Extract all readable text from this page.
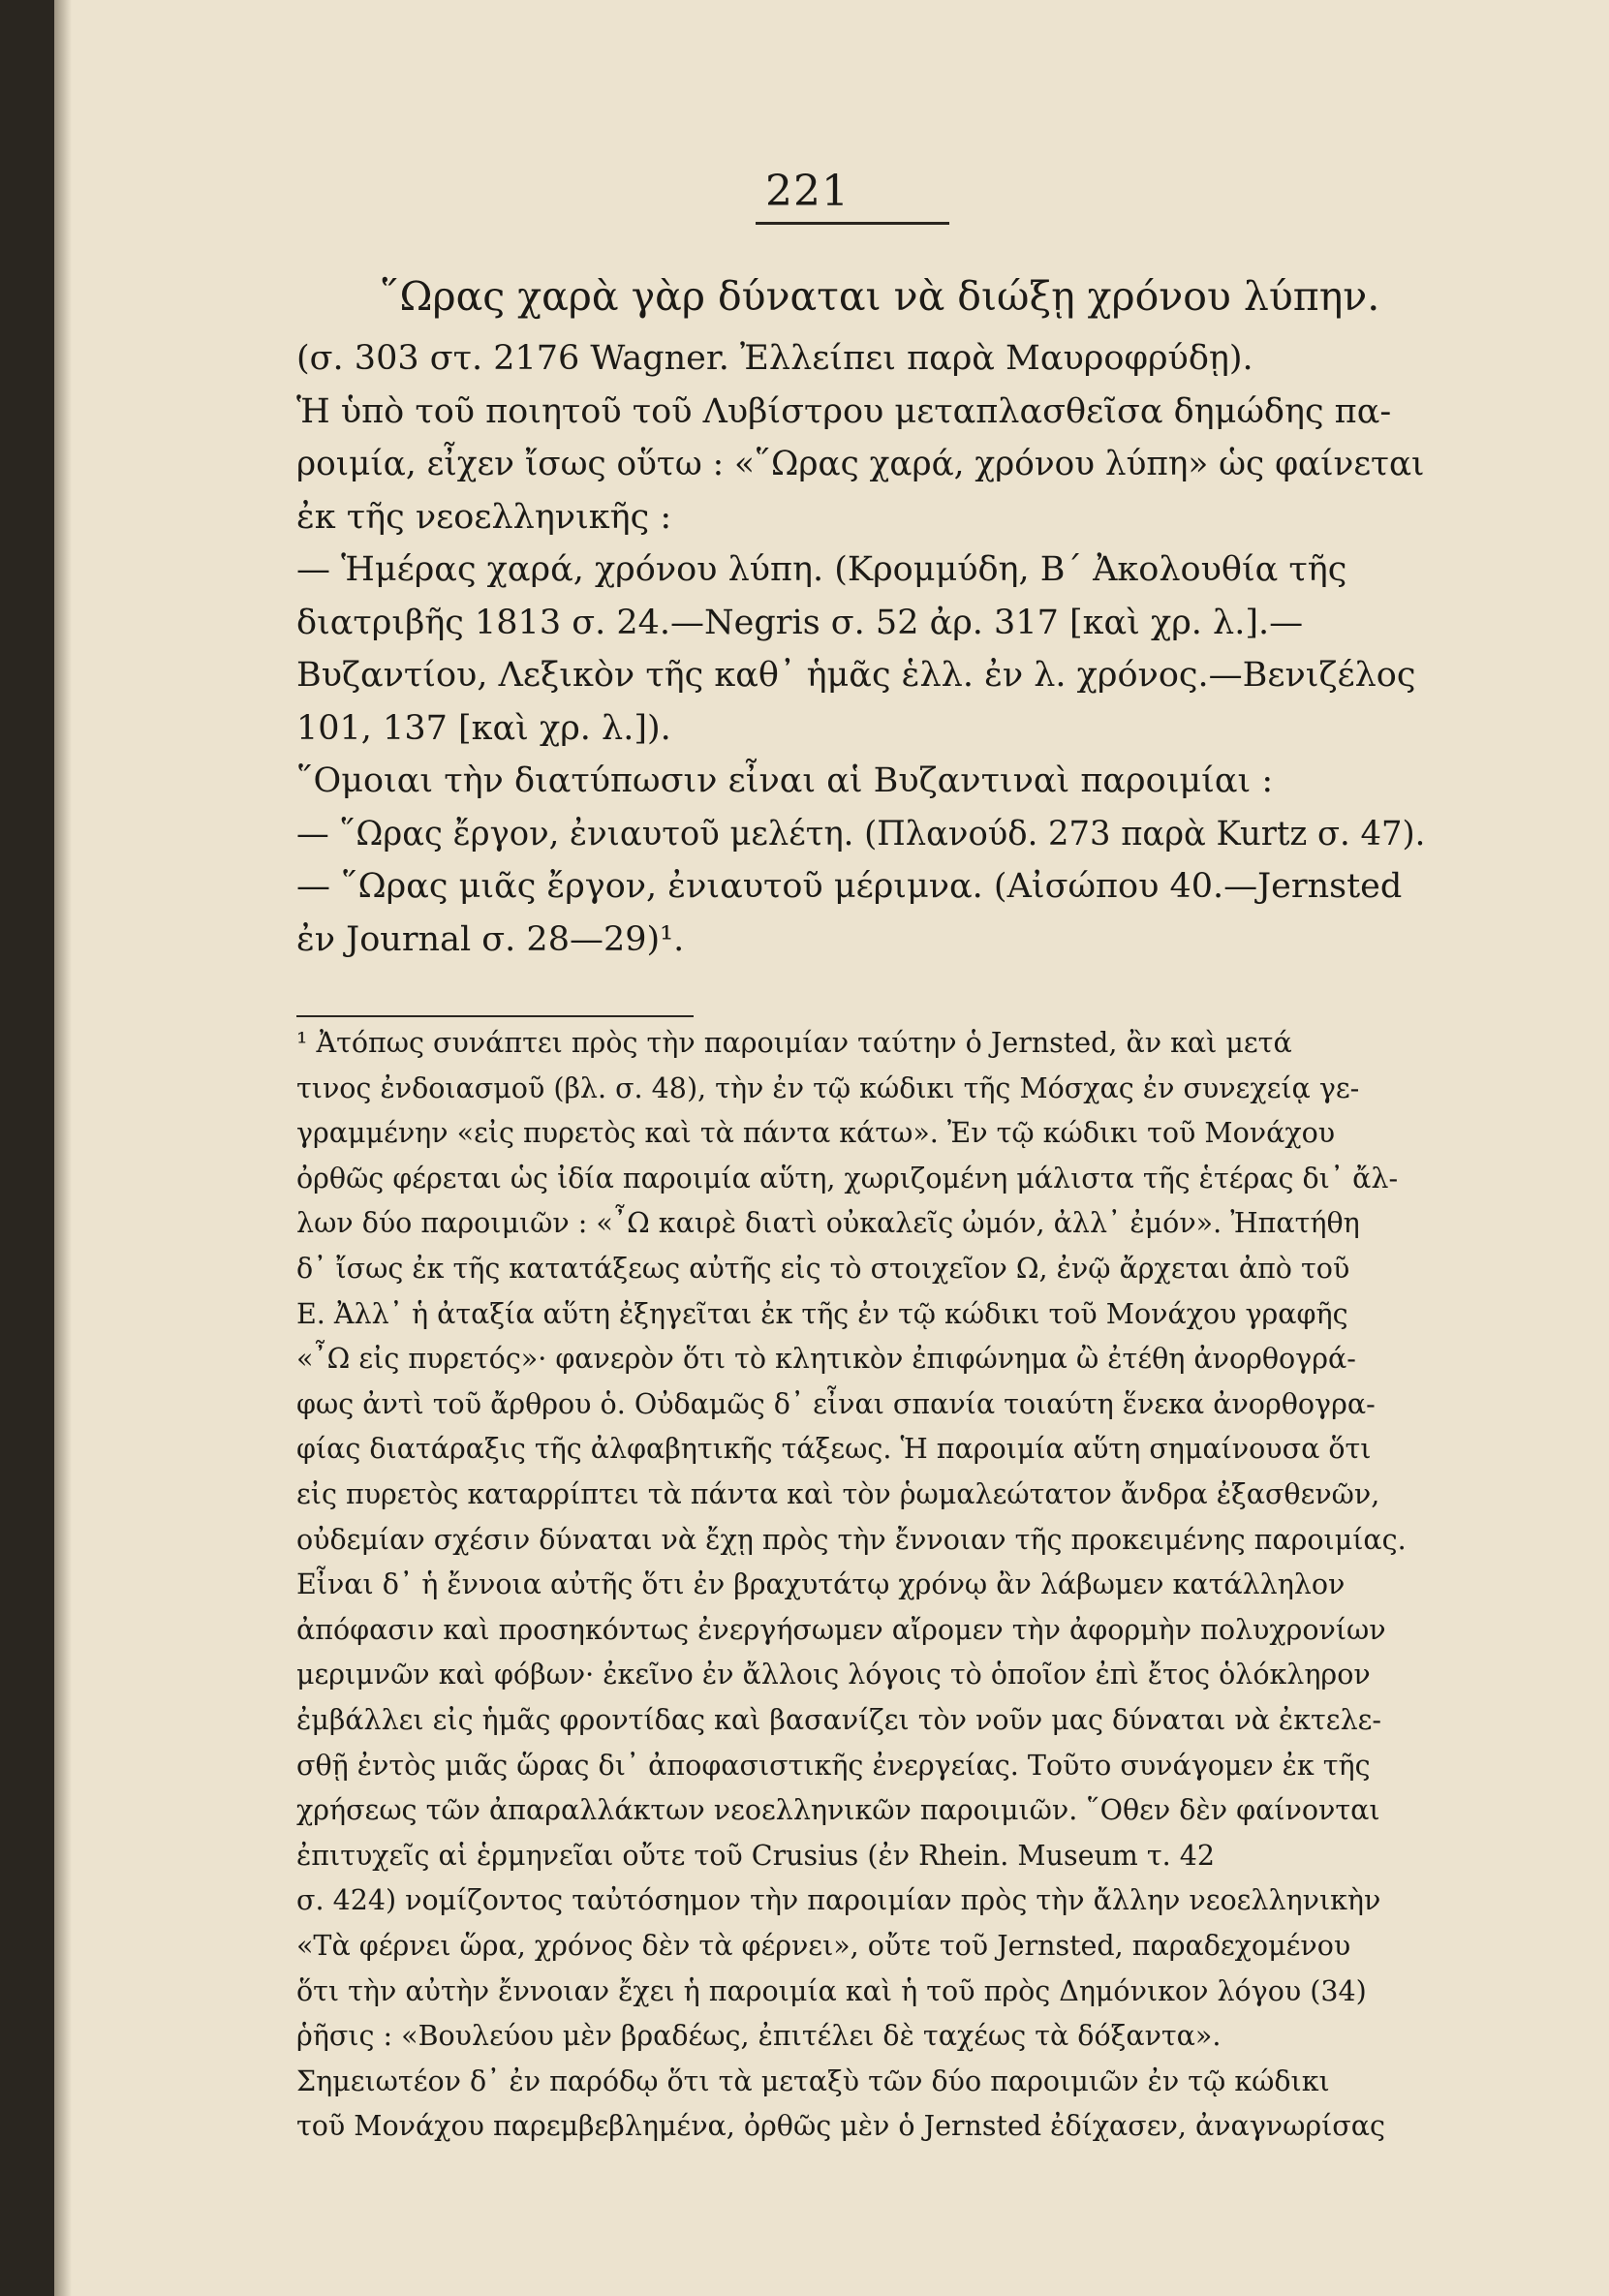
221
῞Ωρας χαρὰ γὰρ δύναται νὰ διώξῃ χρόνου λύπην.
(σ. 303 στ. 2176 Wagner. Ἐλλείπει παρὰ Μαυροφρύδῃ).
Ἡ ὑπὸ τοῦ ποιητοῦ τοῦ Λυβίστρου μεταπλασθεῖσα δημώδης πα-
ροιμία, εἶχεν ἴσως οὕτω : «῞Ωρας χαρά, χρόνου λύπη» ὡς φαίνεται
ἐκ τῆς νεοελληνικῆς :
— Ἡμέρας χαρά, χρόνου λύπη. (Κρομμύδη, Β΄ Ἀκολουθία τῆς
διατριβῆς 1813 σ. 24.—Negris σ. 52 ἀρ. 317 [καὶ χρ. λ.].—
Βυζαντίου, Λεξικὸν τῆς καθ᾽ ἡμᾶς ἑλλ. ἐν λ. χρόνος.—Βενιζέλος
101, 137 [καὶ χρ. λ.]).
῞Ομοιαι τὴν διατύπωσιν εἶναι αἱ Βυζαντιναὶ παροιμίαι :
— ῞Ωρας ἔργον, ἐνιαυτοῦ μελέτη. (Πλανούδ. 273 παρὰ Kurtz σ. 47).
— ῞Ωρας μιᾶς ἔργον, ἐνιαυτοῦ μέριμνα. (Αἰσώπου 40.—Jernsted
ἐν Journal σ. 28—29)¹.
¹ Ἀτόπως συνάπτει πρὸς τὴν παροιμίαν ταύτην ὁ Jernsted, ἂν καὶ μετά
τινος ἐνδοιασμοῦ (βλ. σ. 48), τὴν ἐν τῷ κώδικι τῆς Μόσχας ἐν συνεχείᾳ γε-
γραμμένην «εἰς πυρετὸς καὶ τὰ πάντα κάτω». Ἐν τῷ κώδικι τοῦ Μονάχου
ὀρθῶς φέρεται ὡς ἰδία παροιμία αὕτη, χωριζομένη μάλιστα τῆς ἑτέρας δι᾽ ἄλ-
λων δύο παροιμιῶν : «῏Ω καιρὲ διατὶ οὐκαλεῖς ὠμόν, ἀλλ᾽ ἐμόν». Ἠπατήθη
δ᾽ ἴσως ἐκ τῆς κατατάξεως αὐτῆς εἰς τὸ στοιχεῖον Ω, ἐνῷ ἄρχεται ἀπὸ τοῦ
Ε. Ἀλλ᾽ ἡ ἀταξία αὕτη ἐξηγεῖται ἐκ τῆς ἐν τῷ κώδικι τοῦ Μονάχου γραφῆς
«῏Ω εἰς πυρετός»· φανερὸν ὅτι τὸ κλητικὸν ἐπιφώνημα ὢ ἐτέθη ἀνορθογρά-
φως ἀντὶ τοῦ ἄρθρου ὁ. Οὐδαμῶς δ᾽ εἶναι σπανία τοιαύτη ἕνεκα ἀνορθογρα-
φίας διατάραξις τῆς ἀλφαβητικῆς τάξεως. Ἡ παροιμία αὕτη σημαίνουσα ὅτι
εἰς πυρετὸς καταρρίπτει τὰ πάντα καὶ τὸν ῥωμαλεώτατον ἄνδρα ἐξασθενῶν,
οὐδεμίαν σχέσιν δύναται νὰ ἔχῃ πρὸς τὴν ἔννοιαν τῆς προκειμένης παροιμίας.
Εἶναι δ᾽ ἡ ἔννοια αὐτῆς ὅτι ἐν βραχυτάτῳ χρόνῳ ἂν λάβωμεν κατάλληλον
ἀπόφασιν καὶ προσηκόντως ἐνεργήσωμεν αἴρομεν τὴν ἀφορμὴν πολυχρονίων
μεριμνῶν καὶ φόβων· ἐκεῖνο ἐν ἄλλοις λόγοις τὸ ὁποῖον ἐπὶ ἔτος ὁλόκληρον
ἐμβάλλει εἰς ἡμᾶς φροντίδας καὶ βασανίζει τὸν νοῦν μας δύναται νὰ ἐκτελε-
σθῇ ἐντὸς μιᾶς ὥρας δι᾽ ἀποφασιστικῆς ἐνεργείας. Τοῦτο συνάγομεν ἐκ τῆς
χρήσεως τῶν ἀπαραλλάκτων νεοελληνικῶν παροιμιῶν. ῞Οθεν δὲν φαίνονται
ἐπιτυχεῖς αἱ ἑρμηνεῖαι οὔτε τοῦ Crusius (ἐν Rhein. Museum τ. 42
σ. 424) νομίζοντος ταὐτόσημον τὴν παροιμίαν πρὸς τὴν ἄλλην νεοελληνικὴν
«Τὰ φέρνει ὥρα, χρόνος δὲν τὰ φέρνει», οὔτε τοῦ Jernsted, παραδεχομένου
ὅτι τὴν αὐτὴν ἔννοιαν ἔχει ἡ παροιμία καὶ ἡ τοῦ πρὸς Δημόνικον λόγου (34)
ῥῆσις : «Βουλεύου μὲν βραδέως, ἐπιτέλει δὲ ταχέως τὰ δόξαντα».
Σημειωτέον δ᾽ ἐν παρόδῳ ὅτι τὰ μεταξὺ τῶν δύο παροιμιῶν ἐν τῷ κώδικι
τοῦ Μονάχου παρεμβεβλημένα, ὀρθῶς μὲν ὁ Jernsted ἐδίχασεν, ἀναγνωρίσας
